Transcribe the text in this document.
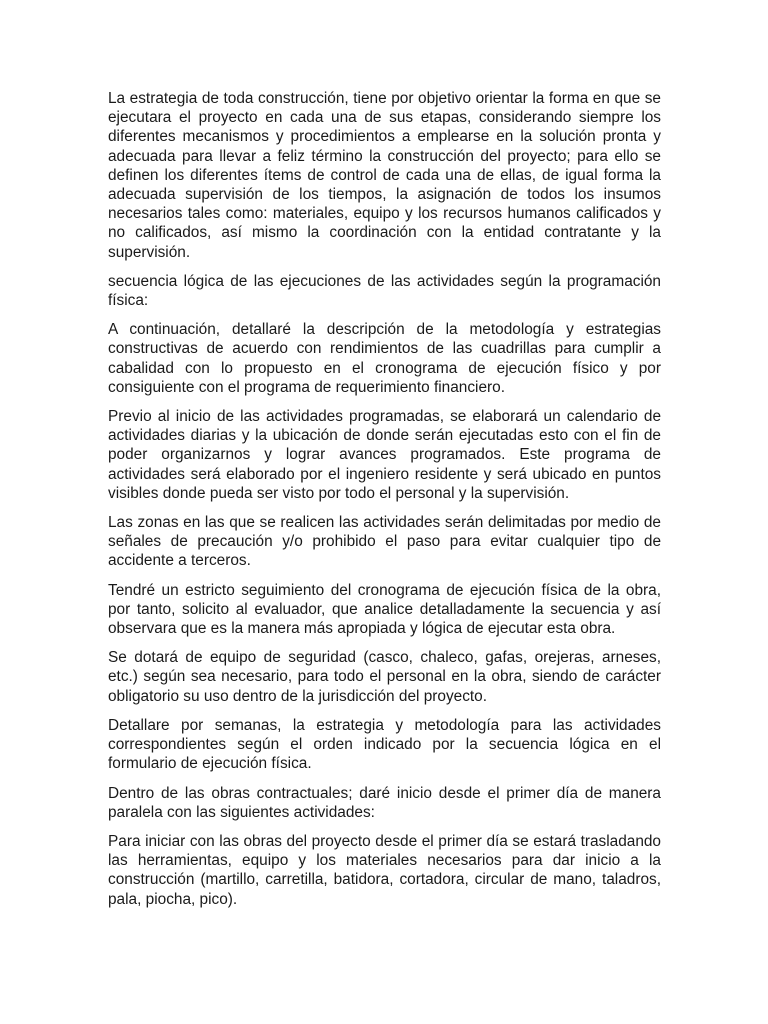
La estrategia de toda construcción, tiene por objetivo orientar la forma en que se ejecutara el proyecto en cada una de sus etapas, considerando siempre los diferentes mecanismos y procedimientos a emplearse en la solución pronta y adecuada para llevar a feliz término la construcción del proyecto; para ello se definen los diferentes ítems de control de cada una de ellas, de igual forma la adecuada supervisión de los tiempos, la asignación de todos los insumos necesarios tales como: materiales, equipo y los recursos humanos calificados y no calificados, así mismo la coordinación con la entidad contratante y la supervisión.

secuencia lógica de las ejecuciones de las actividades según la programación física:

A continuación, detallaré la descripción de la metodología y estrategias constructivas de acuerdo con rendimientos de las cuadrillas para cumplir a cabalidad con lo propuesto en el cronograma de ejecución físico y por consiguiente con el programa de requerimiento financiero.

Previo al inicio de las actividades programadas, se elaborará un calendario de actividades diarias y la ubicación de donde serán ejecutadas esto con el fin de poder organizarnos y lograr avances programados. Este programa de actividades será elaborado por el ingeniero residente y será ubicado en puntos visibles donde pueda ser visto por todo el personal y la supervisión.

Las zonas en las que se realicen las actividades serán delimitadas por medio de señales de precaución y/o prohibido el paso para evitar cualquier tipo de accidente a terceros.

Tendré un estricto seguimiento del cronograma de ejecución física de la obra, por tanto, solicito al evaluador, que analice detalladamente la secuencia y así observara que es la manera más apropiada y lógica de ejecutar esta obra.

Se dotará de equipo de seguridad (casco, chaleco, gafas, orejeras, arneses, etc.) según sea necesario, para todo el personal en la obra, siendo de carácter obligatorio su uso dentro de la jurisdicción del proyecto.

Detallare por semanas, la estrategia y metodología para las actividades correspondientes según el orden indicado por la secuencia lógica en el formulario de ejecución física.

Dentro de las obras contractuales; daré inicio desde el primer día de manera paralela con las siguientes actividades:

Para iniciar con las obras del proyecto desde el primer día se estará trasladando las herramientas, equipo y los materiales necesarios para dar inicio a la construcción (martillo, carretilla, batidora, cortadora, circular de mano, taladros, pala, piocha, pico).
